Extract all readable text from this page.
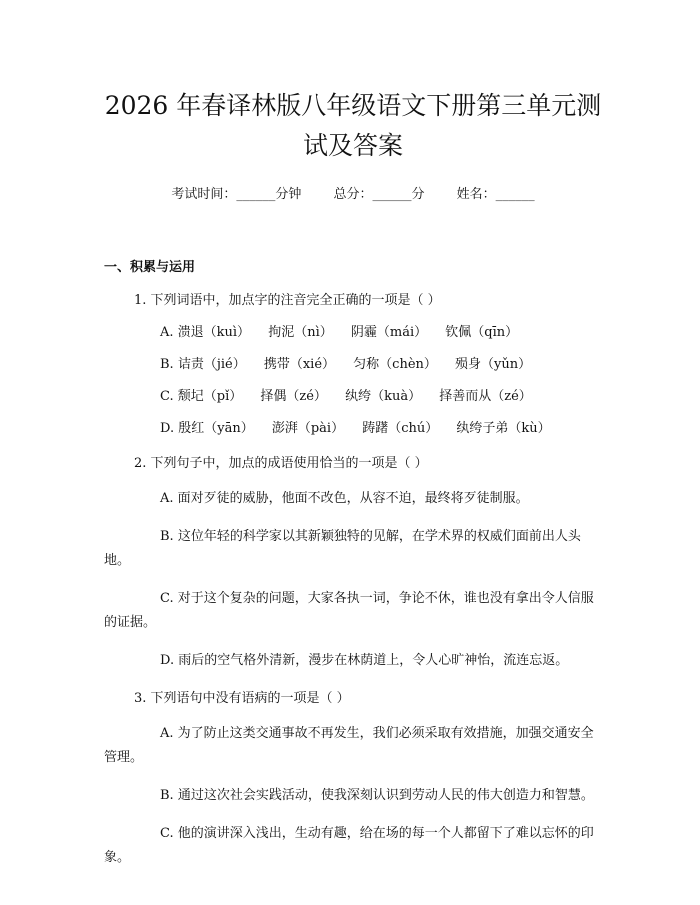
2026 年春译林版八年级语文下册第三单元测试及答案
考试时间：______分钟 总分：______分 姓名：______
一、积累与运用
1. 下列词语中，加点字的注音完全正确的一项是（ ）
A. 溃退（kuì） 拘泥（nì） 阴霾（mái） 钦佩（qīn）
B. 诘责（jié） 携带（xié） 匀称（chèn） 殒身（yǔn）
C. 颓圮（pǐ） 择偶（zé） 纨绔（kuà） 择善而从（zé）
D. 殷红（yān） 澎湃（pài） 踌躇（chú） 纨绔子弟（kù）
2. 下列句子中，加点的成语使用恰当的一项是（ ）
A. 面对歹徒的威胁，他面不改色，从容不迫，最终将歹徒制服。
B. 这位年轻的科学家以其新颖独特的见解，在学术界的权威们面前出人头地。
C. 对于这个复杂的问题，大家各执一词，争论不休，谁也没有拿出令人信服的证据。
D. 雨后的空气格外清新，漫步在林荫道上，令人心旷神怡，流连忘返。
3. 下列语句中没有语病的一项是（ ）
A. 为了防止这类交通事故不再发生，我们必须采取有效措施，加强交通安全管理。
B. 通过这次社会实践活动，使我深刻认识到劳动人民的伟大创造力和智慧。
C. 他的演讲深入浅出，生动有趣，给在场的每一个人都留下了难以忘怀的印象。
